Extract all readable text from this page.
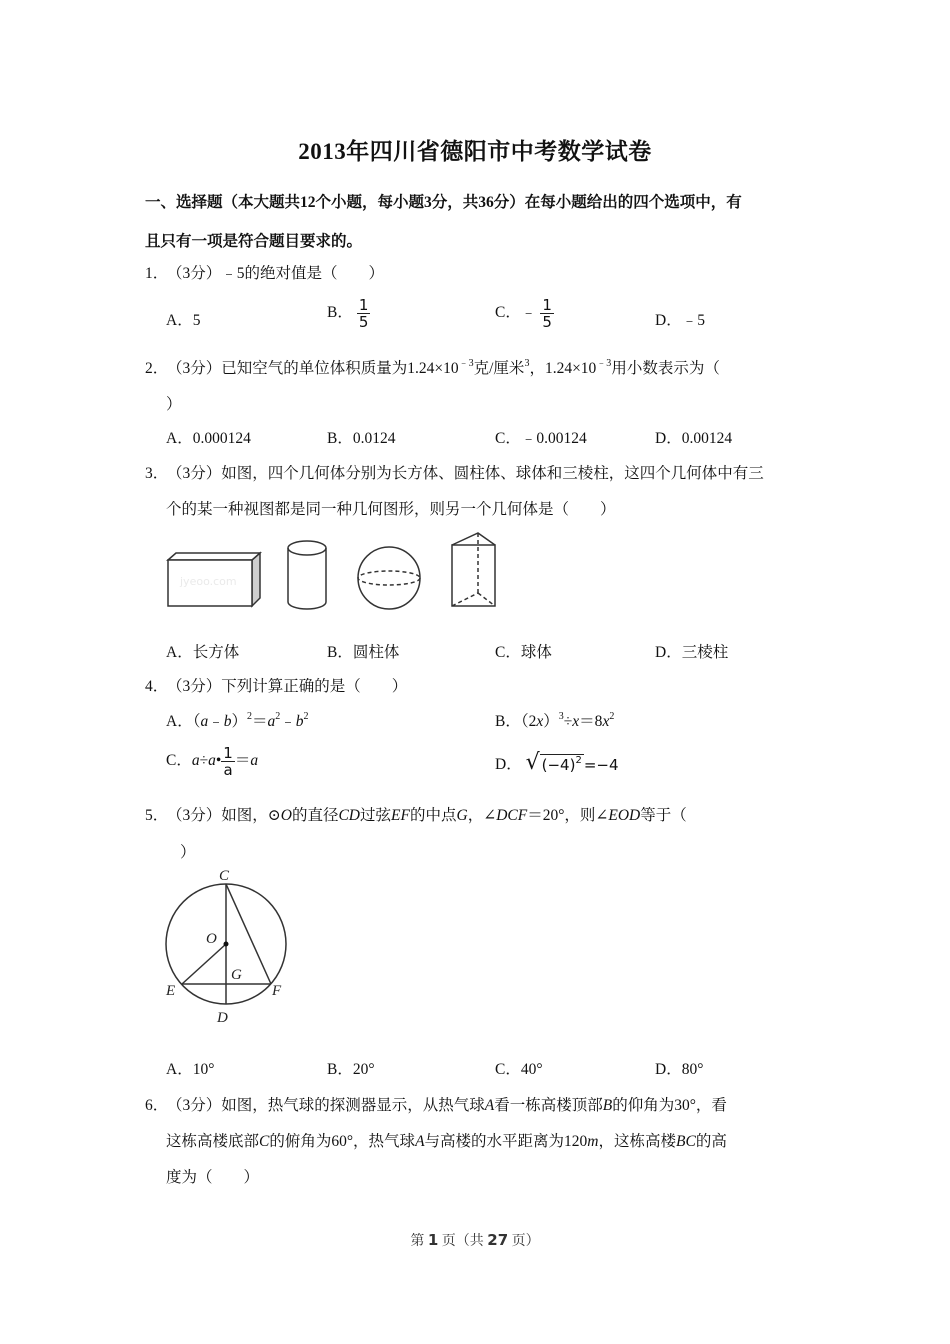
2013年四川省德阳市中考数学试卷
一、选择题（本大题共12个小题，每小题3分，共36分）在每小题给出的四个选项中，有
且只有一项是符合题目要求的。
1．（3分）﹣5的绝对值是（　　）
A．5	B． $\frac{1}{5}$	C．﹣ $\frac{1}{5}$	D．﹣5
2．（3分）已知空气的单位体积质量为$1.24\times 10^{﹣3}$克/厘米$^3$，$1.24\times 10^{﹣3}$用小数表示为（
）
A．0.000124	B．0.0124	C．﹣0.00124	D．0.00124
3．（3分）如图，四个几何体分别为长方体、圆柱体、球体和三棱柱，这四个几何体中有三
个的某一种视图都是同一种几何图形，则另一个几何体是（　　）
jyeoo.com
A．长方体	B．圆柱体	C．球体	D．三棱柱
4．（3分）下列计算正确的是（　　）
A．$(a﹣b)^2=a^2﹣b^2$	B．$(2x)^3\div x=8x^2$
C．a÷a• $\frac{1}{a} =a$	D． √ $(-4)^2 =-4$
5．（3分）如图，⊙O的直径CD过弦EF的中点G，∠DCF＝20°，则∠EOD等于（
）
C
O
G
E	F
D
A．10°	B．20°	C．40°	D．80°
6．（3分）如图，热气球的探测器显示，从热气球A看一栋高楼顶部B的仰角为30°，看
这栋高楼底部C的俯角为60°，热气球A与高楼的水平距离为120m，这栋高楼BC的高
度为（　　）
第 1 页（共 27 页）
